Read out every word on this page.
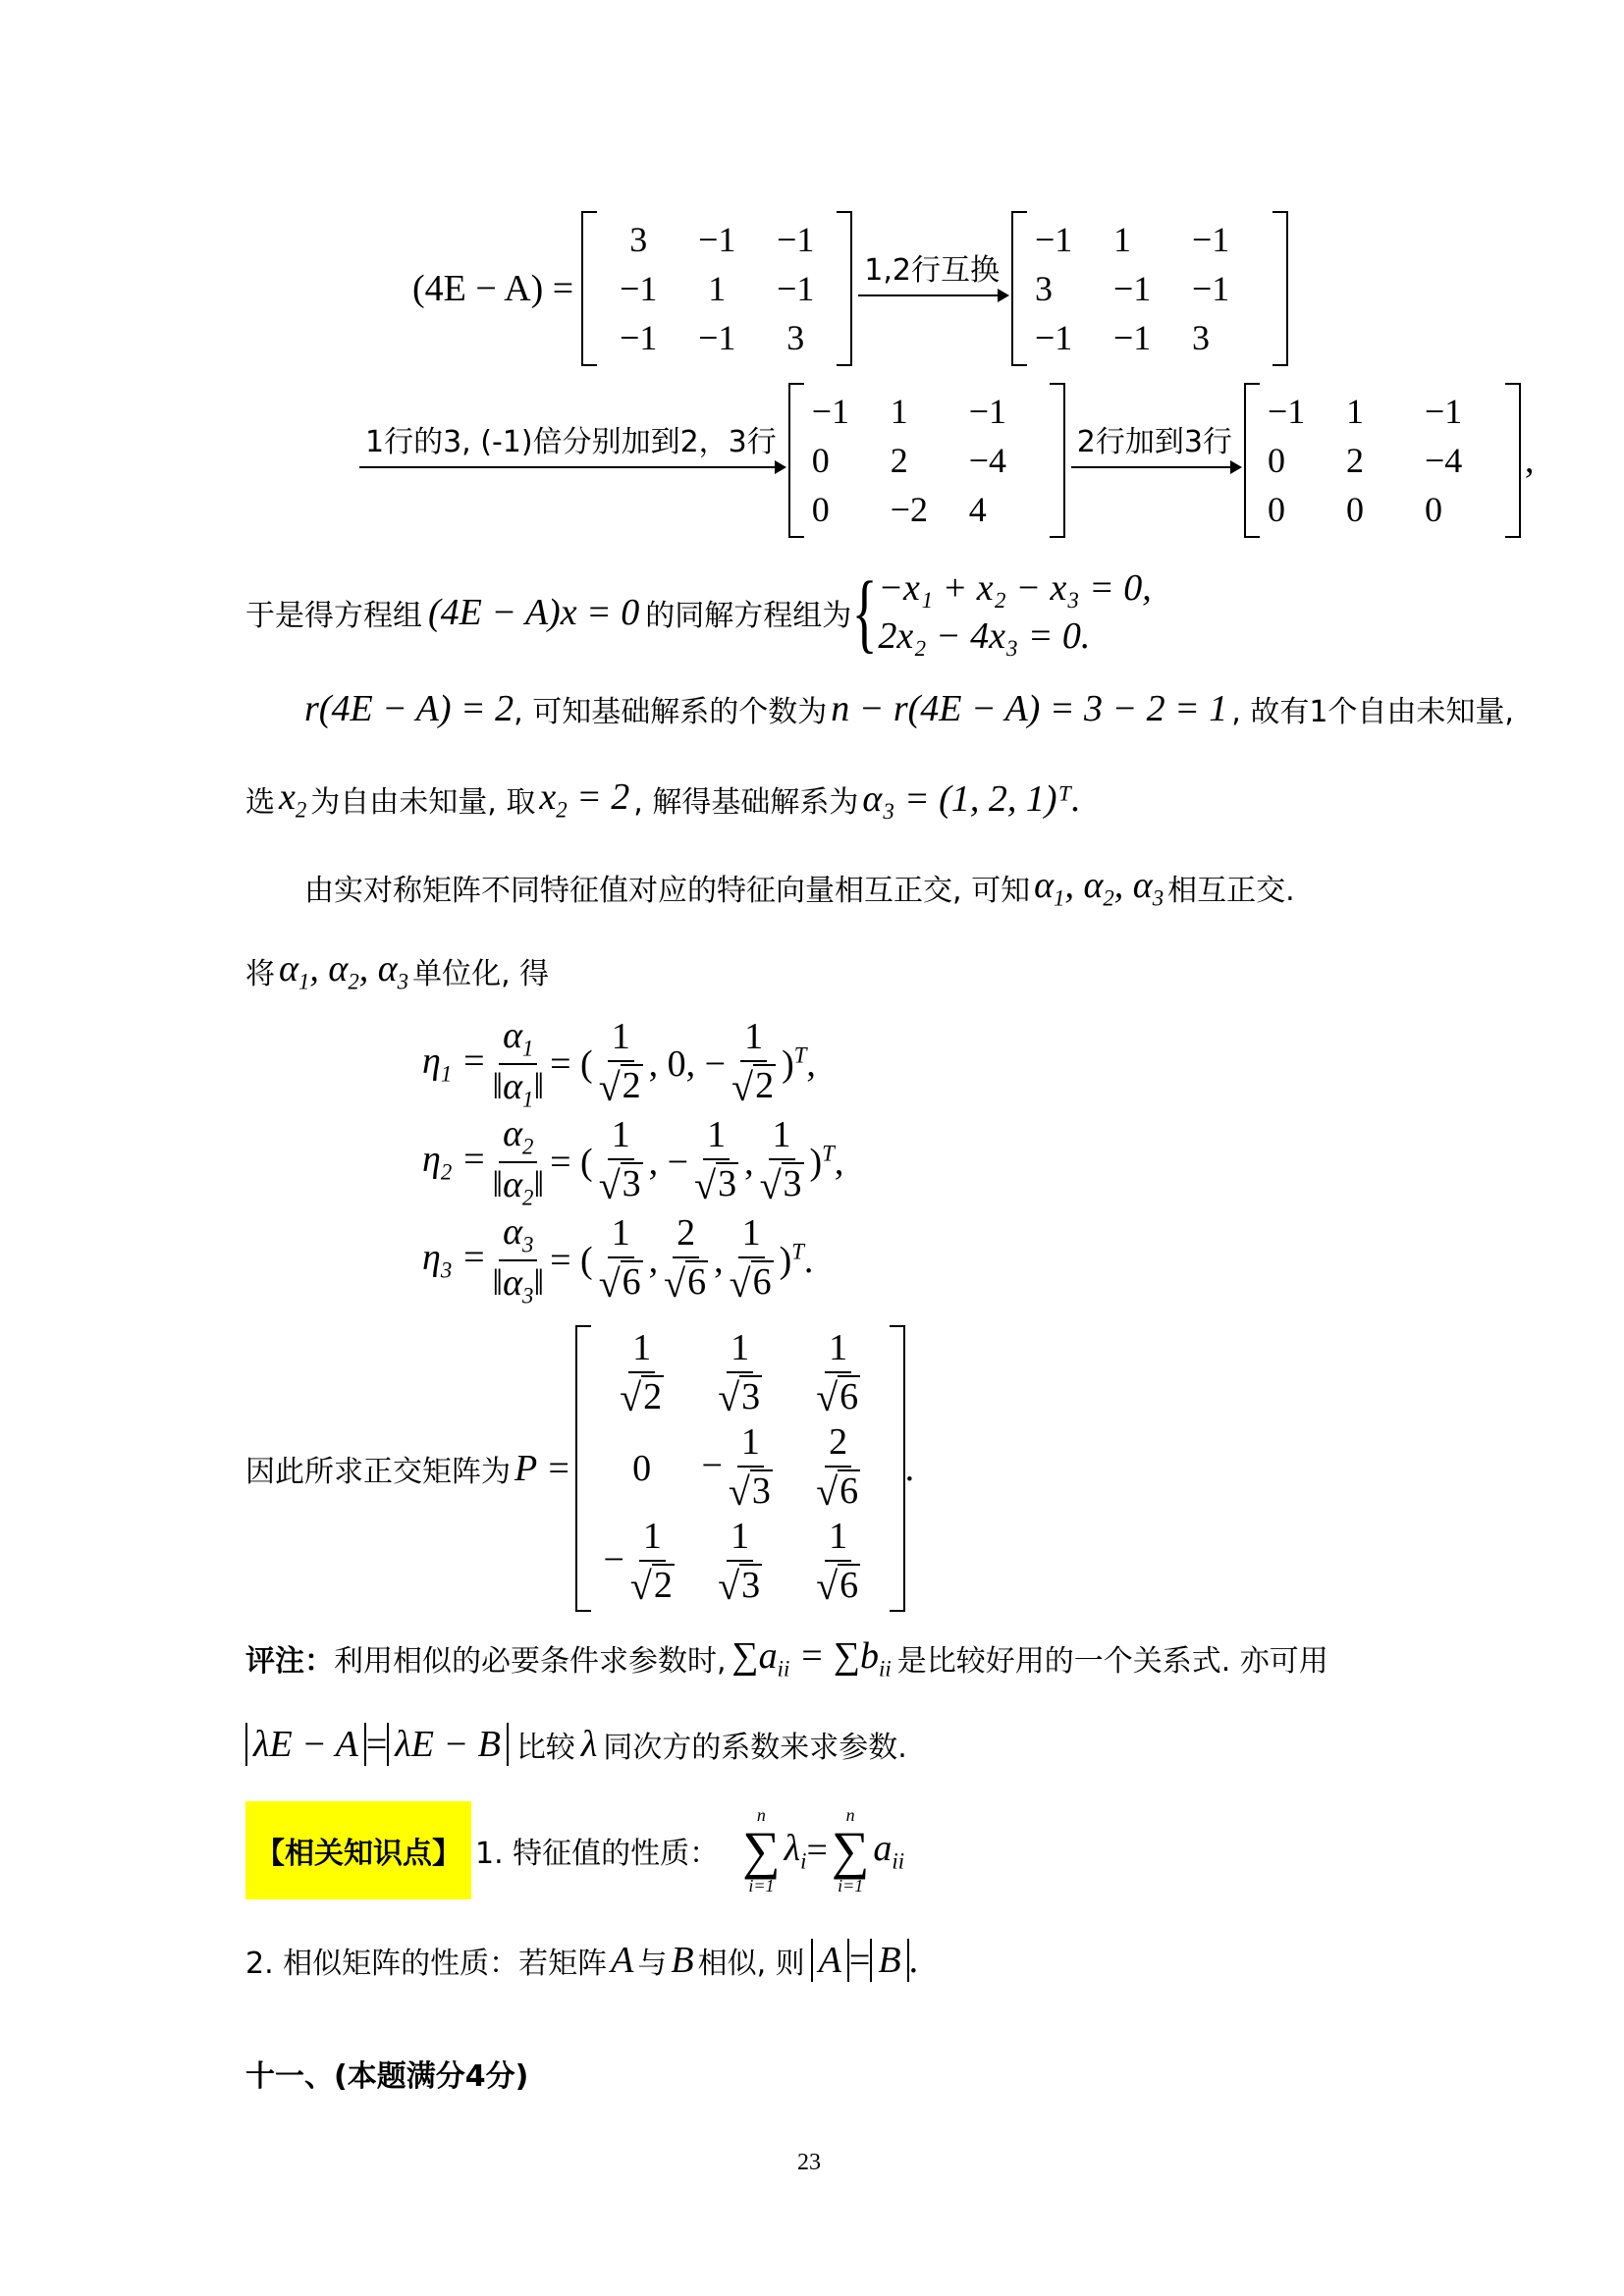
(4E − A) =
3 −1 −1
−1 1 −1
−1 −1 3
1,2行互换
−1 1 −1
3 −1 −1
−1 −1 3
1行的3, (-1)倍分别加到2，3行
−1 1 −1
0 2 −4
0 −2 4
2行加到3行
−1 1 −1
0 2 −4
0 0 0
,
于是得方程组 (4E − A)x = 0 的同解方程组为 { −x₁ + x₂ − x₃ = 0,
2x₂ − 4x₃ = 0.
r(4E − A) = 2 , 可知基础解系的个数为 n − r(4E − A) = 3 − 2 = 1 , 故有1个自由未知量,
选 $x_2$ 为自由未知量, 取 $x_2 = 2$ , 解得基础解系为 α₃ = (1, 2, 1)ᵀ.
由实对称矩阵不同特征值对应的特征向量相互正交, 可知 $\alpha_1$, $\alpha_2$, $\alpha_3$ 相互正交.
将 $\alpha_1$, $\alpha_2$, $\alpha_3$ 单位化, 得
$\eta_1 = \frac{\alpha_1}{‖\alpha_1‖}$ = (
1
√ 2
, 0, − $\frac{1}{√ 2} )^T$,
$\eta_2 = \frac{\alpha_2}{‖\alpha_2‖}$ = (
1
√ 3
, − $\frac{1}{√ 3}$ ,
1
√ 3
)$^T$,
$\eta_3 = \frac{\alpha_3}{‖\alpha_3‖}$ = (
1
√ 6
,
2
√ 6
,
1
√ 6
)$^T$.
因此所求正交矩阵为 P =
1
√ 2
1
√ 3
1
√ 6
$0 - \frac{1}{√ 3} 2$
√ 6
− $\frac{1}{√ 2} 1$
√ 3
1
√ 6
.
评注： 利用相似的必要条件求参数时, $\sum a_{ii} = \sum b_{ii}$ 是比较好用的一个关系式. 亦可用
λE − A = λE − B 比较 λ 同次方的系数来求参数.
【相关知识点】 1. 特征值的性质：
n
∑
i=1
$\lambda_i$ =
n
∑
i=1
$a_{ii}$
2. 相似矩阵的性质：若矩阵 A 与 B 相似, 则 A = B .
十一、(本题满分4分)
23
